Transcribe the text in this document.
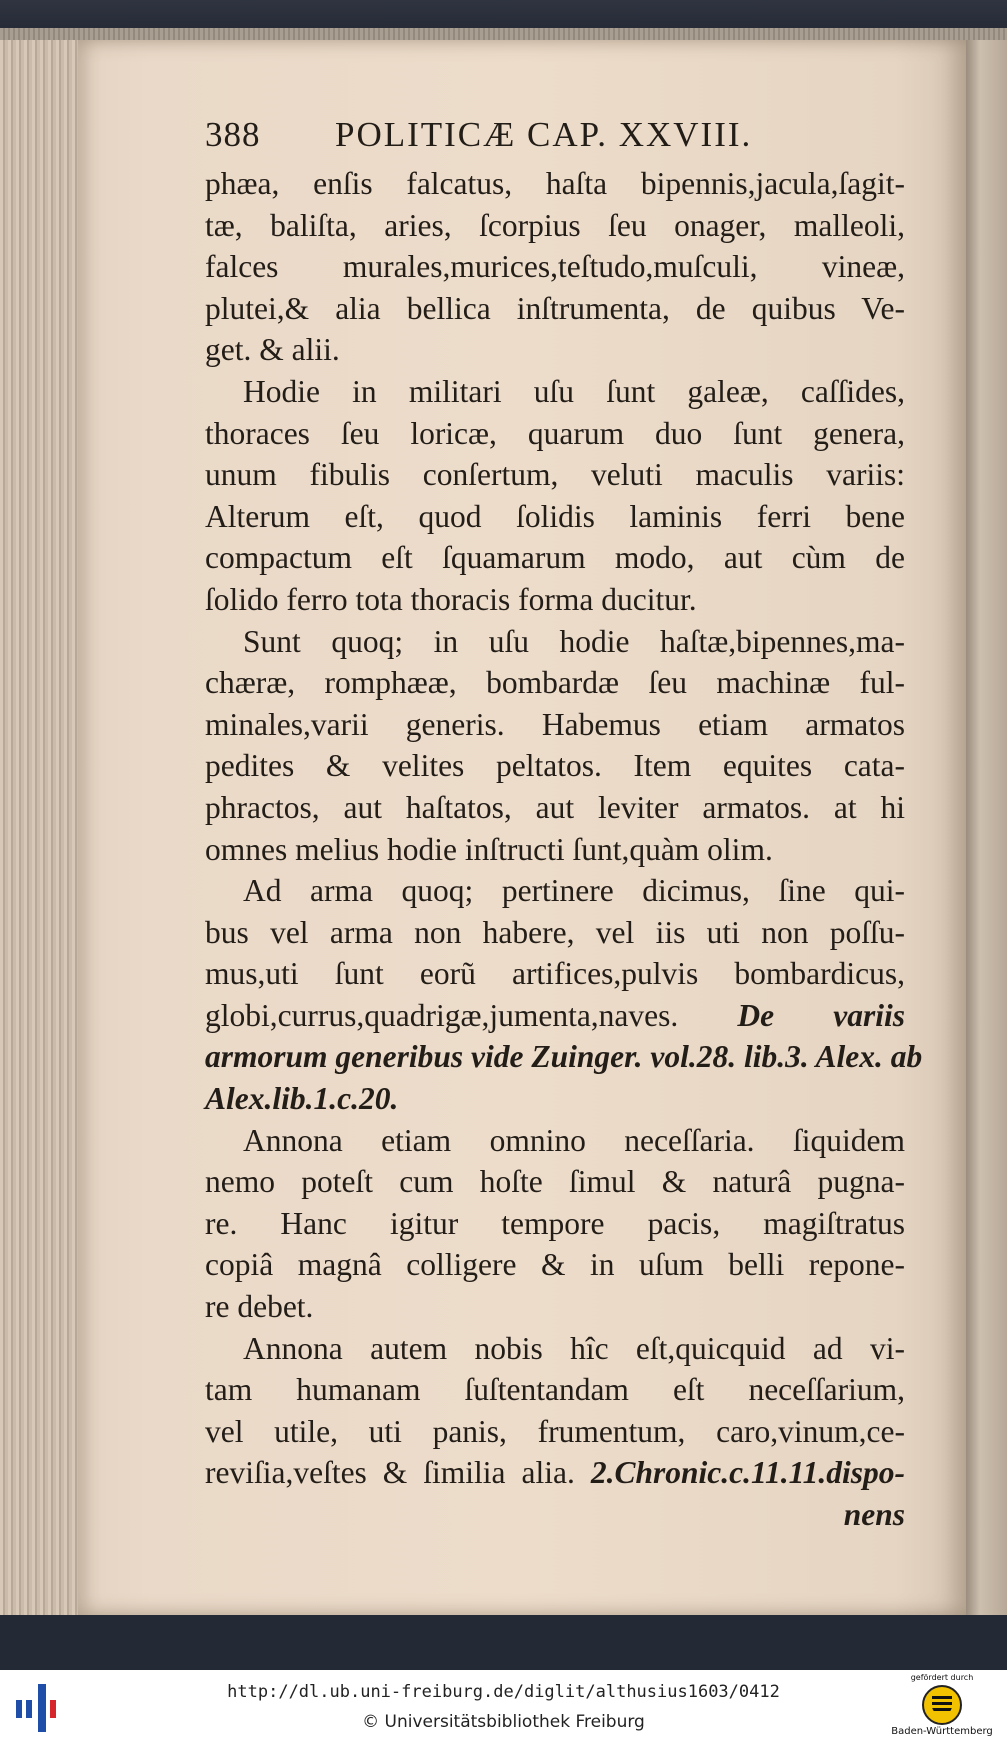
388 POLITICÆ CAP. XXVIII.
phæa, enſis falcatus, haſta bipennis,jacula,ſagit-
tæ, baliſta, aries, ſcorpius ſeu onager, malleoli,
falces murales,murices,teſtudo,muſculi, vineæ,
plutei,& alia bellica inſtrumenta, de quibus Ve-
get. & alii.
Hodie in militari uſu ſunt galeæ, caſſides,
thoraces ſeu loricæ, quarum duo ſunt genera,
unum fibulis conſertum, veluti maculis variis:
Alterum eſt, quod ſolidis laminis ferri bene
compactum eſt ſquamarum modo, aut cùm de
ſolido ferro tota thoracis forma ducitur.
Sunt quoq; in uſu hodie haſtæ,bipennes,ma-
chæræ, romphææ, bombardæ ſeu machinæ ful-
minales,varii generis. Habemus etiam armatos
pedites & velites peltatos. Item equites cata-
phractos, aut haſtatos, aut leviter armatos. at hi
omnes melius hodie inſtructi ſunt,quàm olim.
Ad arma quoq; pertinere dicimus, ſine qui-
bus vel arma non habere, vel iis uti non poſſu-
mus,uti ſunt eorũ artifices,pulvis bombardicus,
globi,currus,quadrigæ,jumenta,naves. De variis
armorum generibus vide Zuinger. vol.28. lib.3. Alex. ab
Alex.lib.1.c.20.
Annona etiam omnino neceſſaria. ſiquidem
nemo poteſt cum hoſte ſimul & naturâ pugna-
re. Hanc igitur tempore pacis, magiſtratus
copiâ magnâ colligere & in uſum belli repone-
re debet.
Annona autem nobis hîc eſt,quicquid ad vi-
tam humanam ſuſtentandam eſt neceſſarium,
vel utile, uti panis, frumentum, caro,vinum,ce-
reviſia,veſtes & ſimilia alia. 2.Chronic.c.11.11.dispo-
nens
http://dl.ub.uni-freiburg.de/diglit/althusius1603/0412
© Universitätsbibliothek Freiburg
gefördert durch
Baden-Württemberg
